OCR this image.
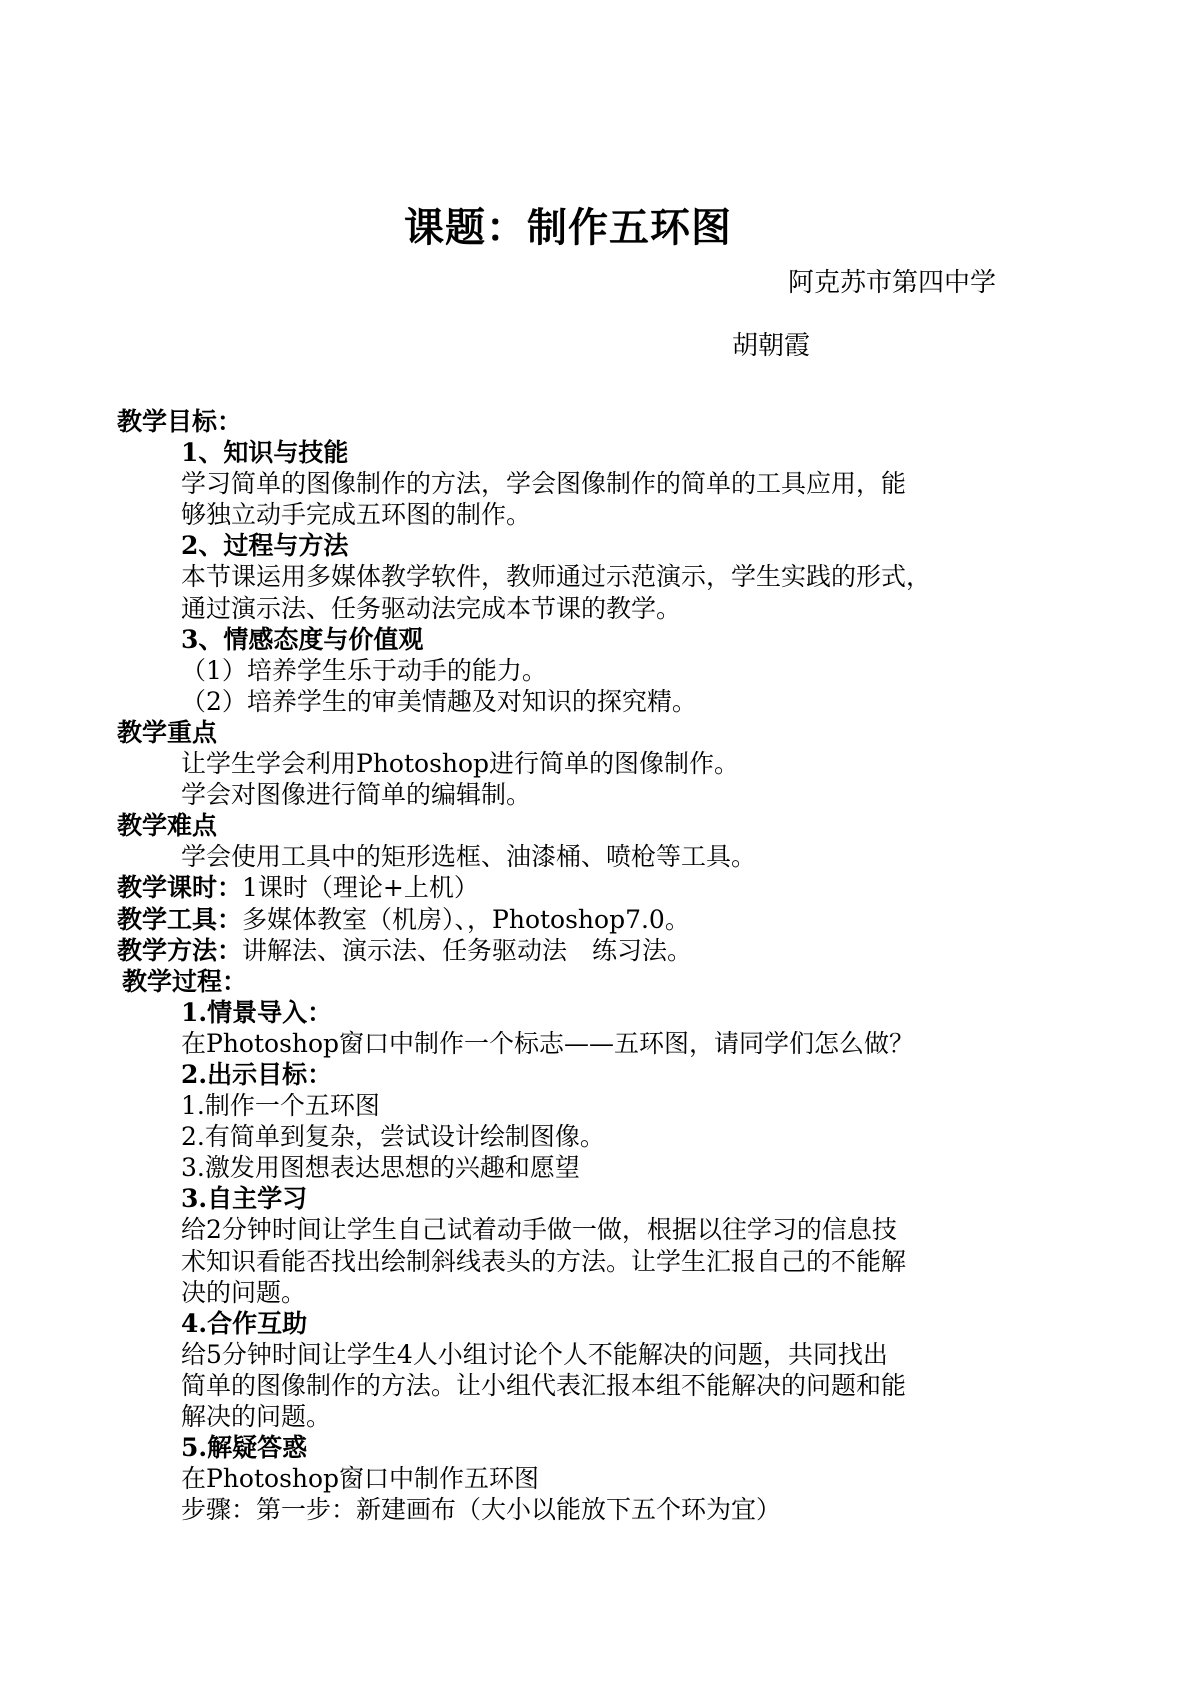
课题：制作五环图
阿克苏市第四中学
胡朝霞
教学目标：
1、知识与技能
学习简单的图像制作的方法，学会图像制作的简单的工具应用，能
够独立动手完成五环图的制作。
2、过程与方法
本节课运用多媒体教学软件，教师通过示范演示，学生实践的形式，
通过演示法、任务驱动法完成本节课的教学。
3、情感态度与价值观
（1）培养学生乐于动手的能力。
（2）培养学生的审美情趣及对知识的探究精。
教学重点
让学生学会利用Photoshop进行简单的图像制作。
学会对图像进行简单的编辑制。
教学难点
学会使用工具中的矩形选框、油漆桶、喷枪等工具。
教学课时：1课时（理论+上机）
教学工具：多媒体教室（机房）、，Photoshop7.0。
教学方法：讲解法、演示法、任务驱动法　练习法。
教学过程：
1.情景导入：
在Photoshop窗口中制作一个标志——五环图，请同学们怎么做？
2.出示目标：
1.制作一个五环图
2.有简单到复杂，尝试设计绘制图像。
3.激发用图想表达思想的兴趣和愿望
3.自主学习
给2分钟时间让学生自己试着动手做一做，根据以往学习的信息技
术知识看能否找出绘制斜线表头的方法。让学生汇报自己的不能解
决的问题。
4.合作互助
给5分钟时间让学生4人小组讨论个人不能解决的问题，共同找出
简单的图像制作的方法。让小组代表汇报本组不能解决的问题和能
解决的问题。
5.解疑答惑
在Photoshop窗口中制作五环图
步骤：第一步：新建画布（大小以能放下五个环为宜）
